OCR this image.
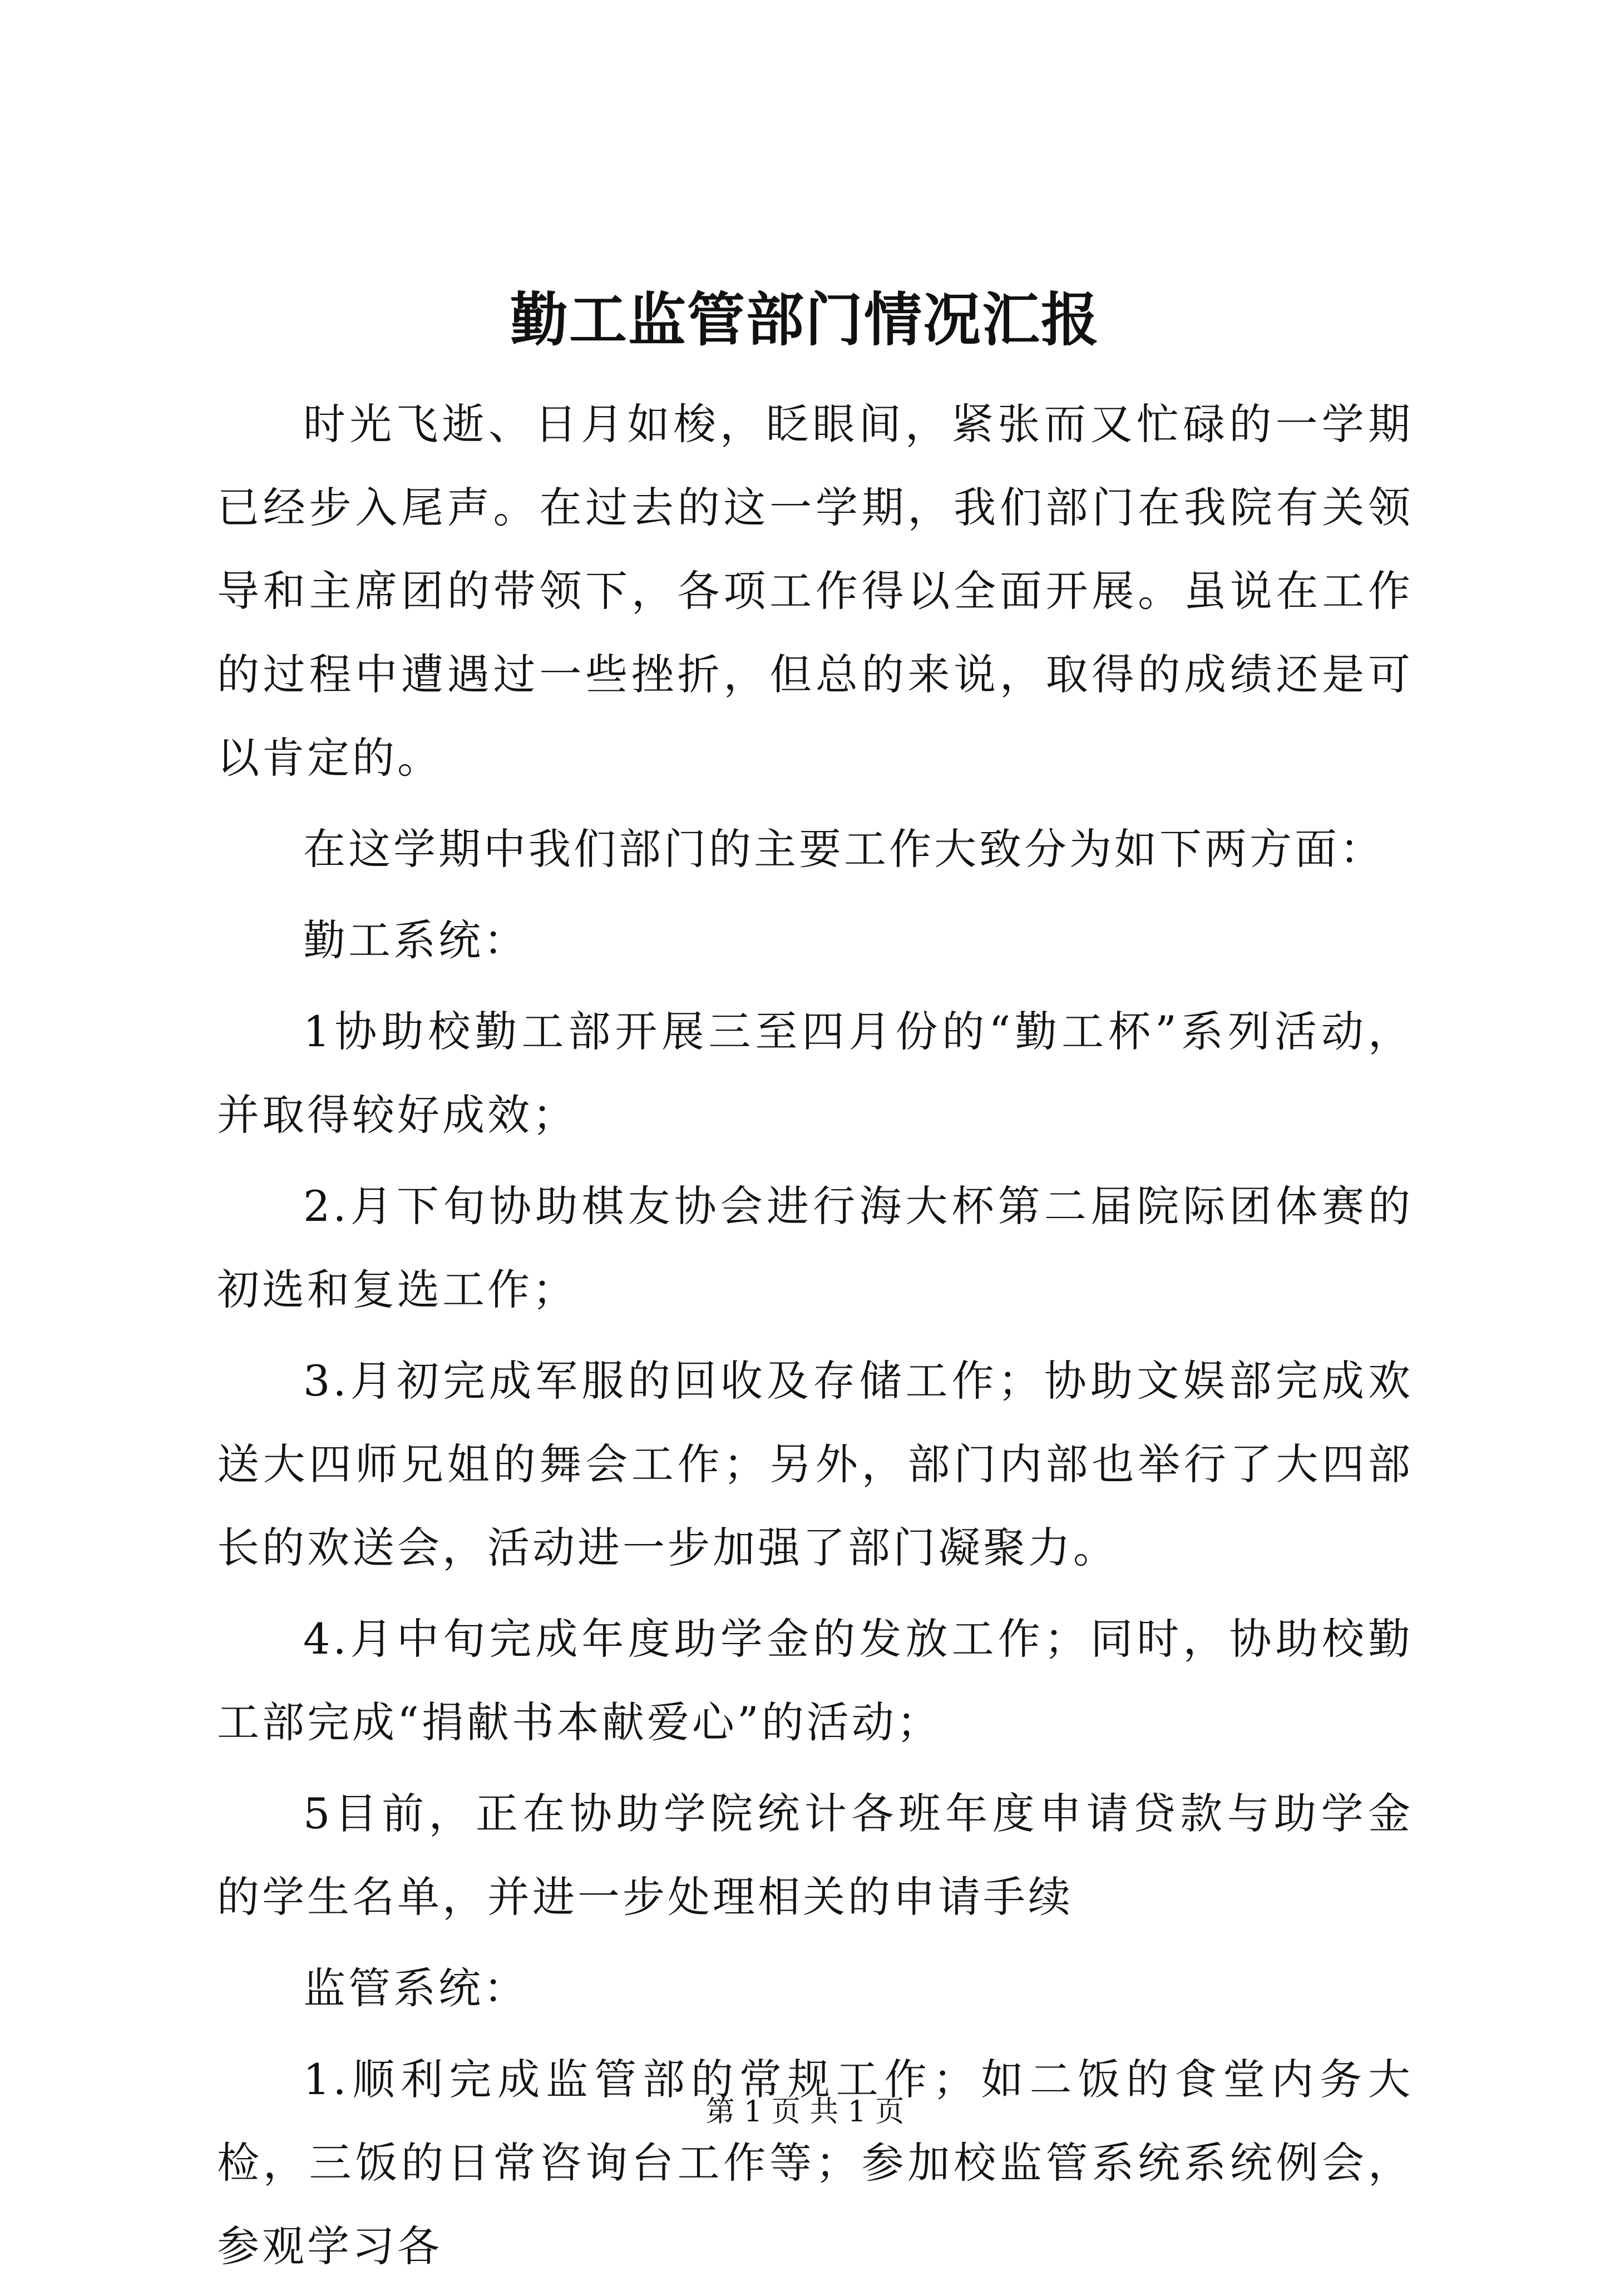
勤工监管部门情况汇报

时光飞逝、日月如梭，眨眼间，紧张而又忙碌的一学期已经步入尾声。在过去的这一学期，我们部门在我院有关领导和主席团的带领下，各项工作得以全面开展。虽说在工作的过程中遭遇过一些挫折，但总的来说，取得的成绩还是可以肯定的。

在这学期中我们部门的主要工作大致分为如下两方面：

勤工系统：

1协助校勤工部开展三至四月份的“勤工杯”系列活动，并取得较好成效；

2.月下旬协助棋友协会进行海大杯第二届院际团体赛的初选和复选工作；

3.月初完成军服的回收及存储工作；协助文娱部完成欢送大四师兄姐的舞会工作；另外，部门内部也举行了大四部长的欢送会，活动进一步加强了部门凝聚力。

4.月中旬完成年度助学金的发放工作；同时，协助校勤工部完成“捐献书本献爱心”的活动；

5目前，正在协助学院统计各班年度申请贷款与助学金的学生名单，并进一步处理相关的申请手续

监管系统：

1.顺利完成监管部的常规工作；如二饭的食堂内务大检，三饭的日常咨询台工作等；参加校监管系统系统例会，参观学习各

第 1 页 共 1 页
